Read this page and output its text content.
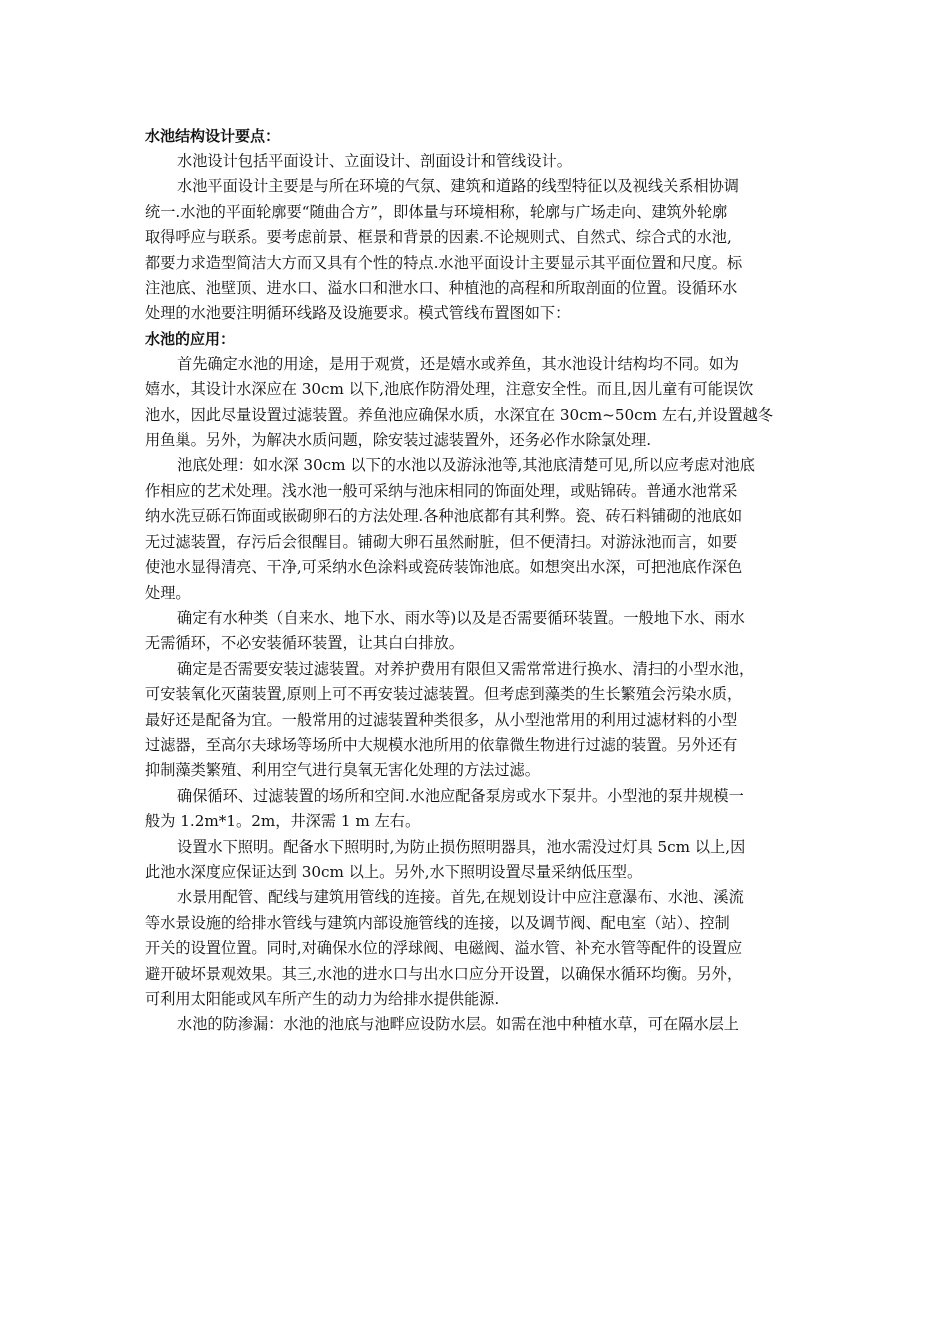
水池结构设计要点：

水池设计包括平面设计、立面设计、剖面设计和管线设计。

水池平面设计主要是与所在环境的气氛、建筑和道路的线型特征以及视线关系相协调
统一.水池的平面轮廓要“随曲合方”，即体量与环境相称，轮廓与广场走向、建筑外轮廓
取得呼应与联系。要考虑前景、框景和背景的因素.不论规则式、自然式、综合式的水池,
都要力求造型简洁大方而又具有个性的特点.水池平面设计主要显示其平面位置和尺度。标
注池底、池壁顶、进水口、溢水口和泄水口、种植池的高程和所取剖面的位置。设循环水
处理的水池要注明循环线路及设施要求。模式管线布置图如下：

水池的应用：

首先确定水池的用途，是用于观赏，还是嬉水或养鱼，其水池设计结构均不同。如为
嬉水，其设计水深应在 30cm 以下,池底作防滑处理，注意安全性。而且,因儿童有可能误饮
池水，因此尽量设置过滤装置。养鱼池应确保水质，水深宜在 30cm~50cm 左右,并设置越冬
用鱼巢。另外，为解决水质问题，除安装过滤装置外，还务必作水除氯处理.

池底处理：如水深 30cm 以下的水池以及游泳池等,其池底清楚可见,所以应考虑对池底
作相应的艺术处理。浅水池一般可采纳与池床相同的饰面处理，或贴锦砖。普通水池常采
纳水洗豆砾石饰面或嵌砌卵石的方法处理.各种池底都有其利弊。瓷、砖石料铺砌的池底如
无过滤装置，存污后会很醒目。铺砌大卵石虽然耐脏，但不便清扫。对游泳池而言，如要
使池水显得清亮、干净,可采纳水色涂料或瓷砖装饰池底。如想突出水深，可把池底作深色
处理。

确定有水种类（自来水、地下水、雨水等)以及是否需要循环装置。一般地下水、雨水
无需循环，不必安装循环装置，让其白白排放。

确定是否需要安装过滤装置。对养护费用有限但又需常常进行换水、清扫的小型水池，
可安装氧化灭菌装置,原则上可不再安装过滤装置。但考虑到藻类的生长繁殖会污染水质，
最好还是配备为宜。一般常用的过滤装置种类很多，从小型池常用的利用过滤材料的小型
过滤器，至高尔夫球场等场所中大规模水池所用的依靠微生物进行过滤的装置。另外还有
抑制藻类繁殖、利用空气进行臭氧无害化处理的方法过滤。

确保循环、过滤装置的场所和空间.水池应配备泵房或水下泵井。小型池的泵井规模一
般为 1.2m*1。2m，井深需 1 m 左右。

设置水下照明。配备水下照明时,为防止损伤照明器具，池水需没过灯具 5cm 以上,因
此池水深度应保证达到 30cm 以上。另外,水下照明设置尽量采纳低压型。

水景用配管、配线与建筑用管线的连接。首先,在规划设计中应注意瀑布、水池、溪流
等水景设施的给排水管线与建筑内部设施管线的连接，以及调节阀、配电室（站）、控制
开关的设置位置。同时,对确保水位的浮球阀、电磁阀、溢水管、补充水管等配件的设置应
避开破坏景观效果。其三,水池的进水口与出水口应分开设置，以确保水循环均衡。另外，
可利用太阳能或风车所产生的动力为给排水提供能源.

水池的防渗漏：水池的池底与池畔应设防水层。如需在池中种植水草，可在隔水层上
